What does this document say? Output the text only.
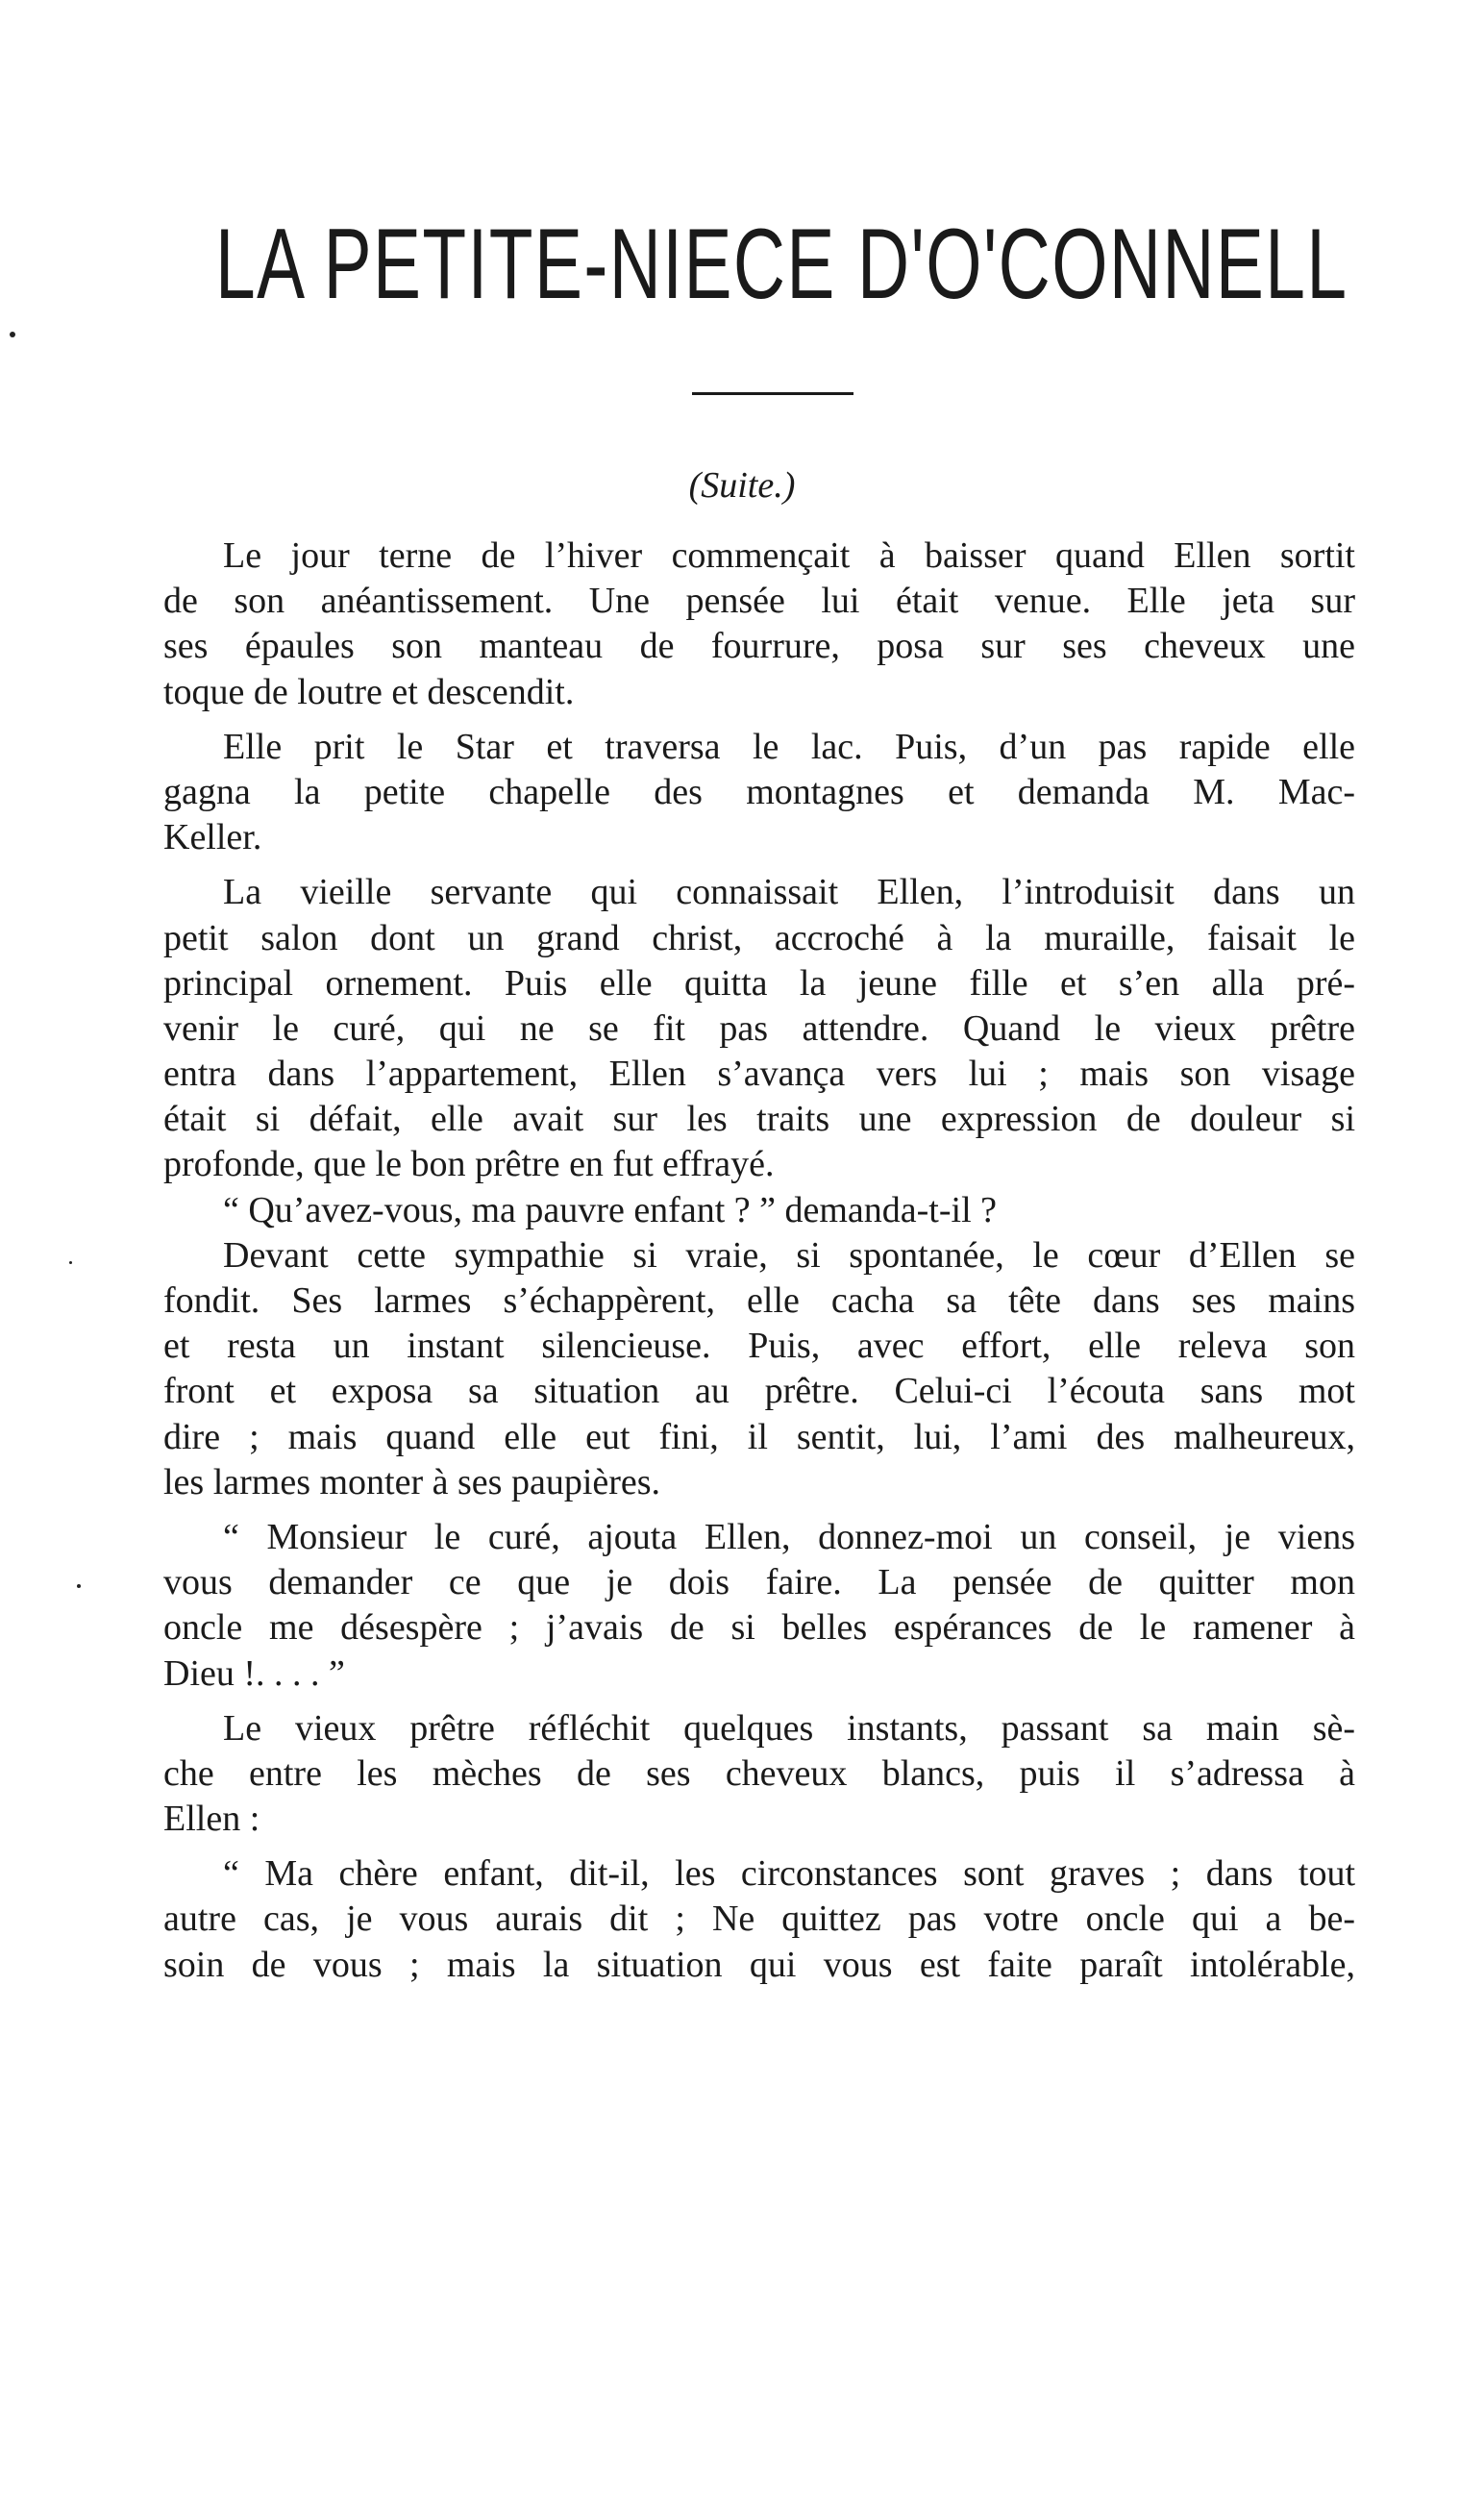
LA PETITE-NIECE D'O'CONNELL
(Suite.)
Le jour terne de l’hiver commençait à baisser quand Ellen sortit
de son anéantissement. Une pensée lui était venue. Elle jeta sur
ses épaules son manteau de fourrure, posa sur ses cheveux une
toque de loutre et descendit.
Elle prit le Star et traversa le lac. Puis, d’un pas rapide elle
gagna la petite chapelle des montagnes et demanda M. Mac-
Keller.
La vieille servante qui connaissait Ellen, l’introduisit dans un
petit salon dont un grand christ, accroché à la muraille, faisait le
principal ornement. Puis elle quitta la jeune fille et s’en alla pré-
venir le curé, qui ne se fit pas attendre. Quand le vieux prêtre
entra dans l’appartement, Ellen s’avança vers lui ; mais son visage
était si défait, elle avait sur les traits une expression de douleur si
profonde, que le bon prêtre en fut effrayé.
“ Qu’avez-vous, ma pauvre enfant ? ” demanda-t-il ?
Devant cette sympathie si vraie, si spontanée, le cœur d’Ellen se
fondit. Ses larmes s’échappèrent, elle cacha sa tête dans ses mains
et resta un instant silencieuse. Puis, avec effort, elle releva son
front et exposa sa situation au prêtre. Celui-ci l’écouta sans mot
dire ; mais quand elle eut fini, il sentit, lui, l’ami des malheureux,
les larmes monter à ses paupières.
“ Monsieur le curé, ajouta Ellen, donnez-moi un conseil, je viens
vous demander ce que je dois faire. La pensée de quitter mon
oncle me désespère ; j’avais de si belles espérances de le ramener à
Dieu !. . . . ”
Le vieux prêtre réfléchit quelques instants, passant sa main sè-
che entre les mèches de ses cheveux blancs, puis il s’adressa à
Ellen :
“ Ma chère enfant, dit-il, les circonstances sont graves ; dans tout
autre cas, je vous aurais dit ; Ne quittez pas votre oncle qui a be-
soin de vous ; mais la situation qui vous est faite paraît intolérable,
